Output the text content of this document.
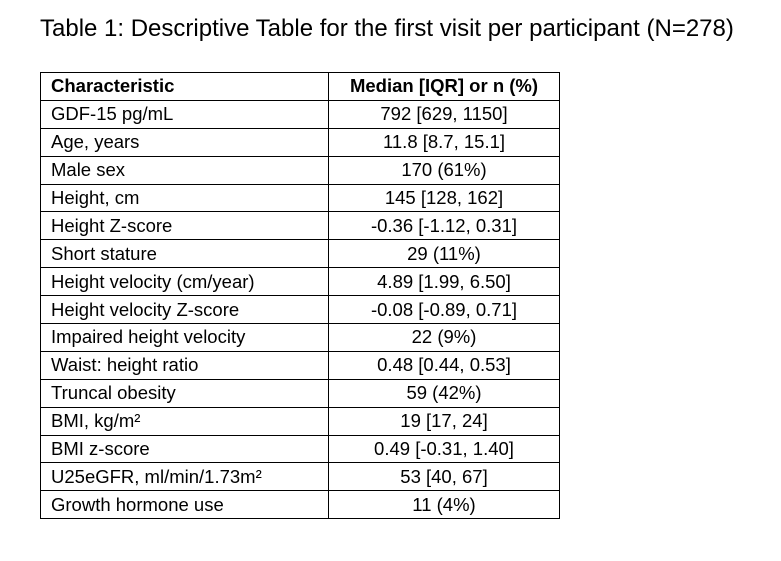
Table 1: Descriptive Table for the first visit per participant (N=278)
Characteristic	Median [IQR] or n (%)
GDF-15 pg/mL	792 [629, 1150]
Age, years	11.8 [8.7, 15.1]
Male sex	170 (61%)
Height, cm	145 [128, 162]
Height Z-score	-0.36 [-1.12, 0.31]
Short stature	29 (11%)
Height velocity (cm/year)	4.89 [1.99, 6.50]
Height velocity Z-score	-0.08 [-0.89, 0.71]
Impaired height velocity	22 (9%)
Waist: height ratio	0.48 [0.44, 0.53]
Truncal obesity	59 (42%)
BMI, kg/m²	19 [17, 24]
BMI z-score	0.49 [-0.31, 1.40]
U25eGFR, ml/min/1.73m²	53 [40, 67]
Growth hormone use	11 (4%)
